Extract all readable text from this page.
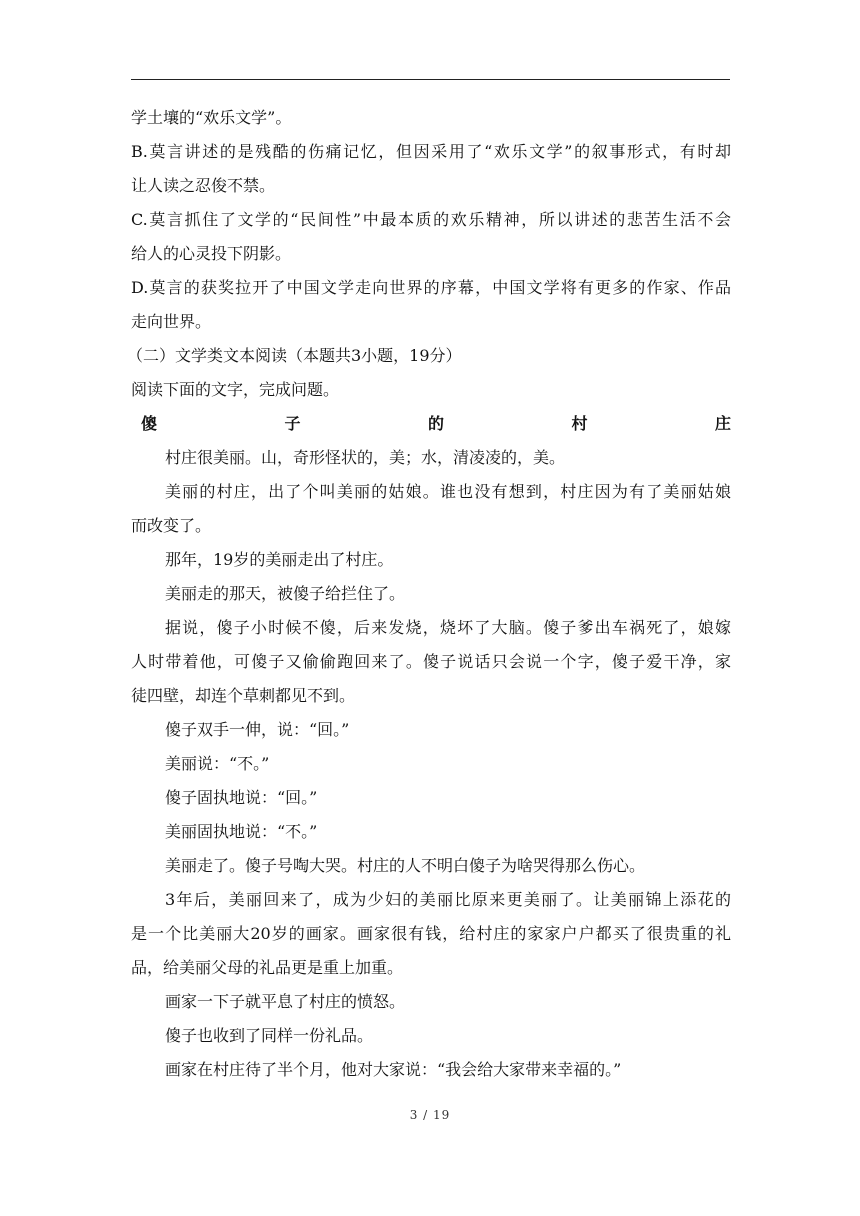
学土壤的“欢乐文学”。
B.莫言讲述的是残酷的伤痛记忆，但因采用了“欢乐文学”的叙事形式，有时却
让人读之忍俊不禁。
C.莫言抓住了文学的“民间性”中最本质的欢乐精神，所以讲述的悲苦生活不会
给人的心灵投下阴影。
D.莫言的获奖拉开了中国文学走向世界的序幕，中国文学将有更多的作家、作品
走向世界。
（二）文学类文本阅读（本题共3小题，19分）
阅读下面的文字，完成问题。
傻子的村庄
村庄很美丽。山，奇形怪状的，美；水，清凌凌的，美。
美丽的村庄，出了个叫美丽的姑娘。谁也没有想到，村庄因为有了美丽姑娘
而改变了。
那年，19岁的美丽走出了村庄。
美丽走的那天，被傻子给拦住了。
据说，傻子小时候不傻，后来发烧，烧坏了大脑。傻子爹出车祸死了，娘嫁
人时带着他，可傻子又偷偷跑回来了。傻子说话只会说一个字，傻子爱干净，家
徒四壁，却连个草刺都见不到。
傻子双手一伸，说：“回。”
美丽说：“不。”
傻子固执地说：“回。”
美丽固执地说：“不。”
美丽走了。傻子号啕大哭。村庄的人不明白傻子为啥哭得那么伤心。
3年后，美丽回来了，成为少妇的美丽比原来更美丽了。让美丽锦上添花的
是一个比美丽大20岁的画家。画家很有钱，给村庄的家家户户都买了很贵重的礼
品，给美丽父母的礼品更是重上加重。
画家一下子就平息了村庄的愤怒。
傻子也收到了同样一份礼品。
画家在村庄待了半个月，他对大家说：“我会给大家带来幸福的。”
3 / 19
